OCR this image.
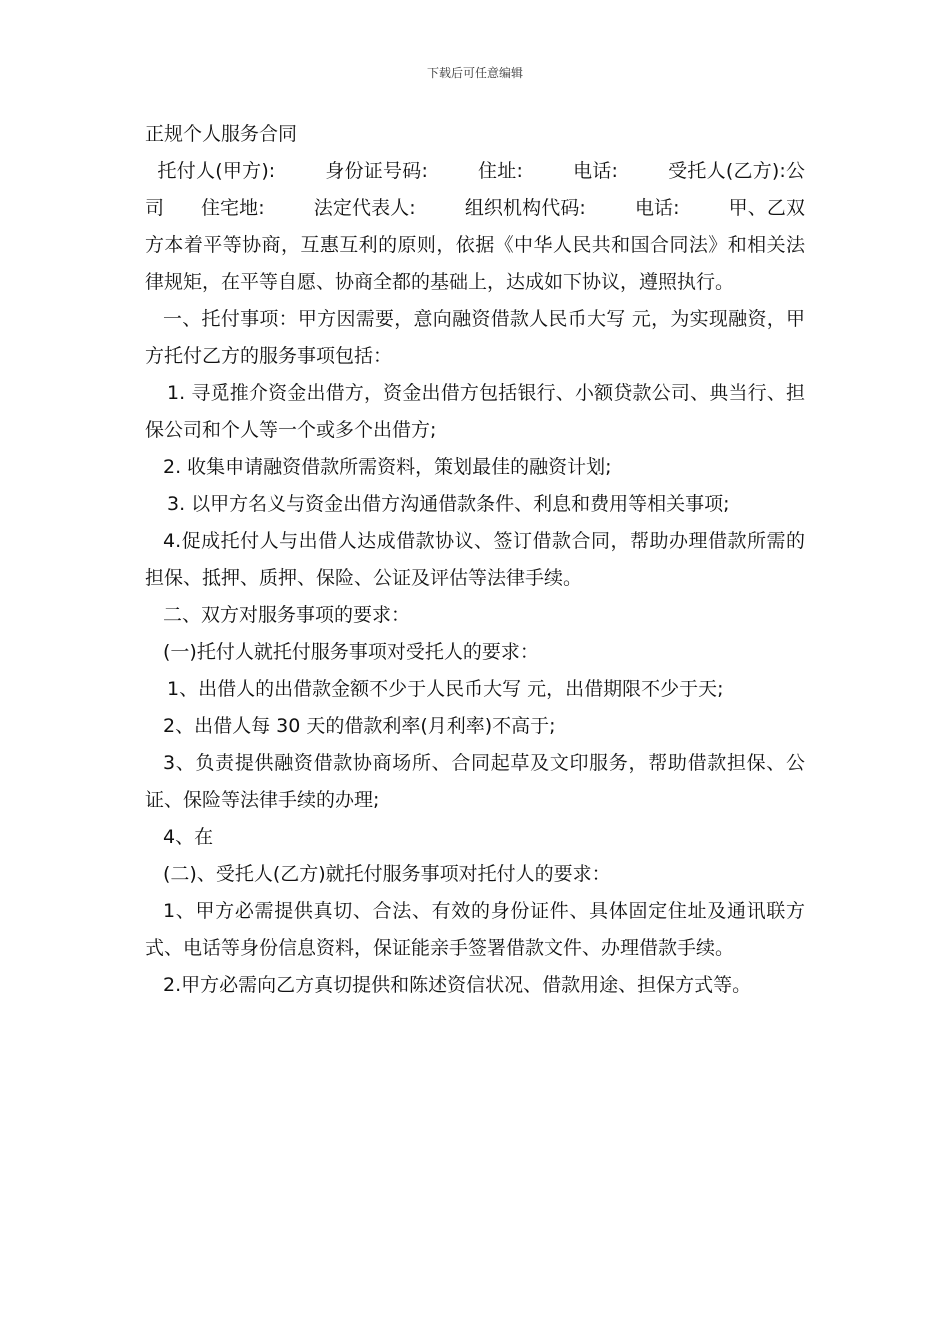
下载后可任意编辑
正规个人服务合同

托付人(甲方):        身份证号码:        住址:        电话:        受托人(乙方):公司      住宅地:        法定代表人:        组织机构代码:        电话:        甲、乙双方本着平等协商，互惠互利的原则，依据《中华人民共和国合同法》和相关法律规矩，在平等自愿、协商全都的基础上，达成如下协议，遵照执行。

一、托付事项：甲方因需要，意向融资借款人民币大写 元，为实现融资，甲方托付乙方的服务事项包括：

1. 寻觅推介资金出借方，资金出借方包括银行、小额贷款公司、典当行、担保公司和个人等一个或多个出借方;

2. 收集申请融资借款所需资料，策划最佳的融资计划;

3. 以甲方名义与资金出借方沟通借款条件、利息和费用等相关事项;

4.促成托付人与出借人达成借款协议、签订借款合同，帮助办理借款所需的担保、抵押、质押、保险、公证及评估等法律手续。

二、双方对服务事项的要求：

(一)托付人就托付服务事项对受托人的要求：

1、出借人的出借款金额不少于人民币大写 元，出借期限不少于天;

2、出借人每 30 天的借款利率(月利率)不高于;

3、负责提供融资借款协商场所、合同起草及文印服务，帮助借款担保、公证、保险等法律手续的办理;

4、在

(二)、受托人(乙方)就托付服务事项对托付人的要求：

1、甲方必需提供真切、合法、有效的身份证件、具体固定住址及通讯联方式、电话等身份信息资料，保证能亲手签署借款文件、办理借款手续。

2.甲方必需向乙方真切提供和陈述资信状况、借款用途、担保方式等。
